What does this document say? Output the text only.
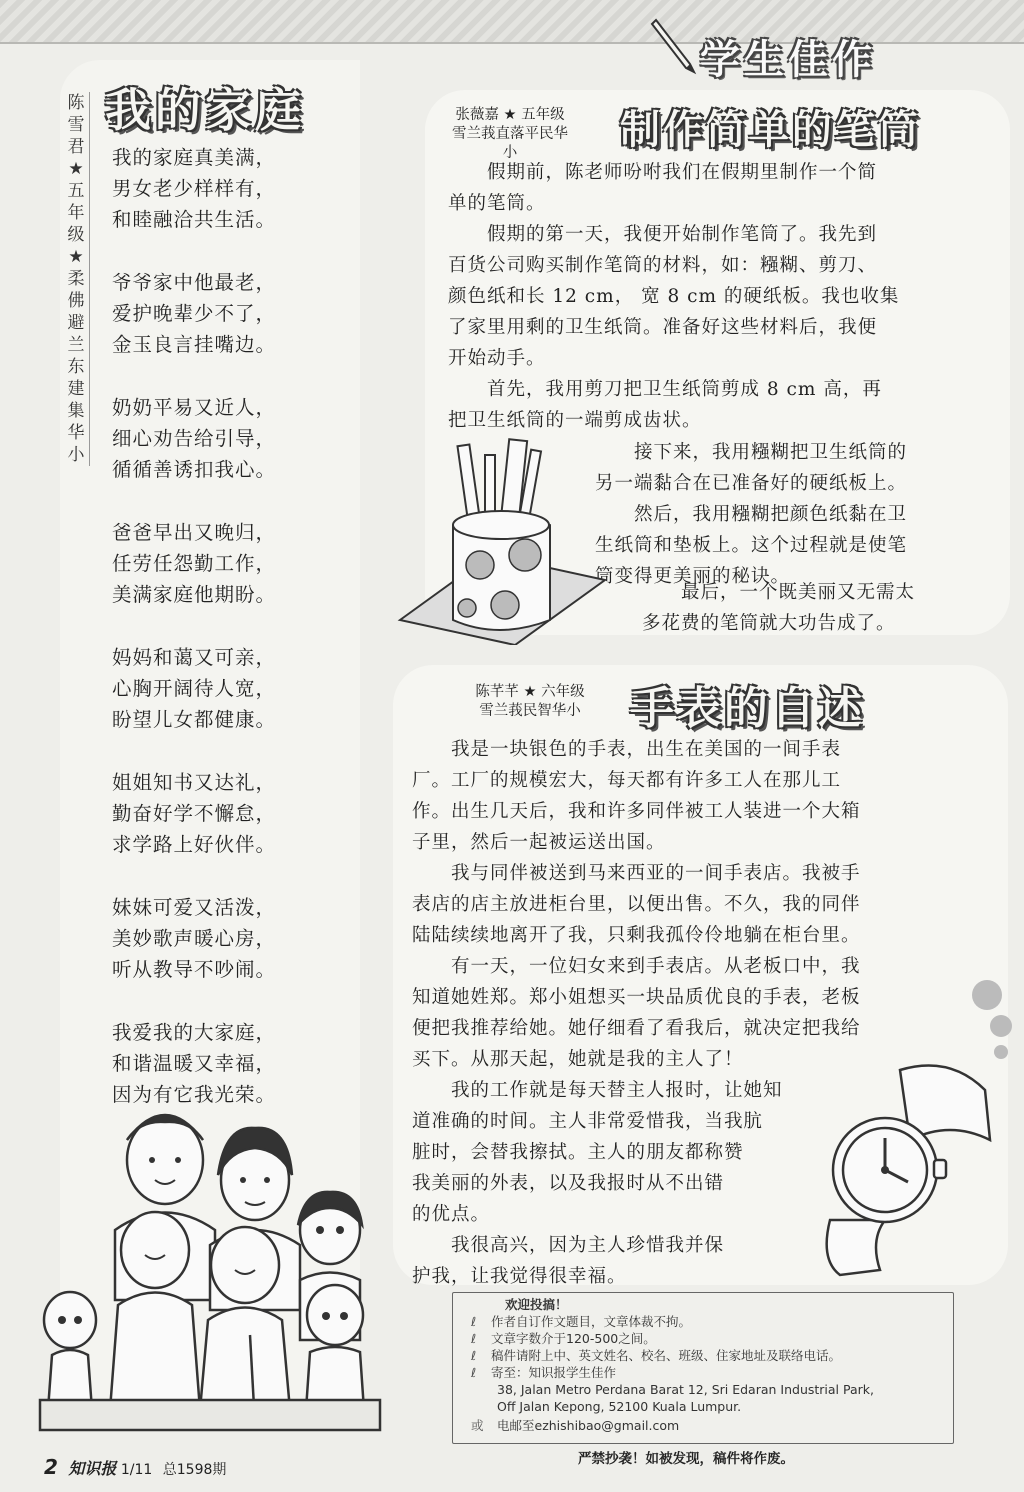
学生佳作
陈
雪
君
★
五
年
级
★
柔
佛
避
兰
东
建
集
华
小
我的家庭

我的家庭真美满，

男女老少样样有，

和睦融洽共生活。

爷爷家中他最老，

爱护晚辈少不了，

金玉良言挂嘴边。

奶奶平易又近人，

细心劝告给引导，

循循善诱扣我心。

爸爸早出又晚归，

任劳任怨勤工作，

美满家庭他期盼。

妈妈和蔼又可亲，

心胸开阔待人宽，

盼望儿女都健康。

姐姐知书又达礼，

勤奋好学不懈怠，

求学路上好伙伴。

妹妹可爱又活泼，

美妙歌声暖心房，

听从教导不吵闹。

我爱我的大家庭，

和谐温暖又幸福，

因为有它我光荣。

张薇嘉 ★ 五年级
雪兰莪直落平民华小	制作简单的笔筒

　　假期前，陈老师吩咐我们在假期里制作一个简

单的笔筒。

　　假期的第一天，我便开始制作笔筒了。我先到

百货公司购买制作笔筒的材料，如：糨糊、剪刀、

颜色纸和长 12 cm， 宽 8 cm 的硬纸板。我也收集

了家里用剩的卫生纸筒。准备好这些材料后，我便

开始动手。

　　首先，我用剪刀把卫生纸筒剪成 8 cm 高，再

把卫生纸筒的一端剪成齿状。

　　接下来，我用糨糊把卫生纸筒的

另一端黏合在已准备好的硬纸板上。

　　然后，我用糨糊把颜色纸黏在卫

生纸筒和垫板上。这个过程就是使笔

筒变得更美丽的秘诀。

　　最后，一个既美丽又无需太

多花费的笔筒就大功告成了。

陈芊芊 ★ 六年级
雪兰莪民智华小	手表的自述

　　我是一块银色的手表，出生在美国的一间手表

厂。工厂的规模宏大，每天都有许多工人在那儿工

作。出生几天后，我和许多同伴被工人装进一个大箱

子里，然后一起被运送出国。

　　我与同伴被送到马来西亚的一间手表店。我被手

表店的店主放进柜台里，以便出售。不久，我的同伴

陆陆续续地离开了我，只剩我孤伶伶地躺在柜台里。

　　有一天，一位妇女来到手表店。从老板口中，我

知道她姓郑。郑小姐想买一块品质优良的手表，老板

便把我推荐给她。她仔细看了看我后，就决定把我给

买下。从那天起，她就是我的主人了！

　　我的工作就是每天替主人报时，让她知

道准确的时间。主人非常爱惜我，当我肮

脏时，会替我擦拭。主人的朋友都称赞

我美丽的外表，以及我报时从不出错

的优点。

　　我很高兴，因为主人珍惜我并保

护我，让我觉得很幸福。

欢迎投搞！
ℓ	作者自订作文题目，文章体裁不拘。
ℓ	文章字数介于120-500之间。
ℓ	稿件请附上中、英文姓名、校名、班级、住家地址及联络电话。
ℓ	寄至：知识报学生佳作
38, Jalan Metro Perdana Barat 12, Sri Edaran Industrial Park,
Off Jalan Kepong, 52100 Kuala Lumpur.
或	电邮至ezhishibao@gmail.com
2 知识报 1/11 总1598期
严禁抄袭！如被发现，稿件将作废。
